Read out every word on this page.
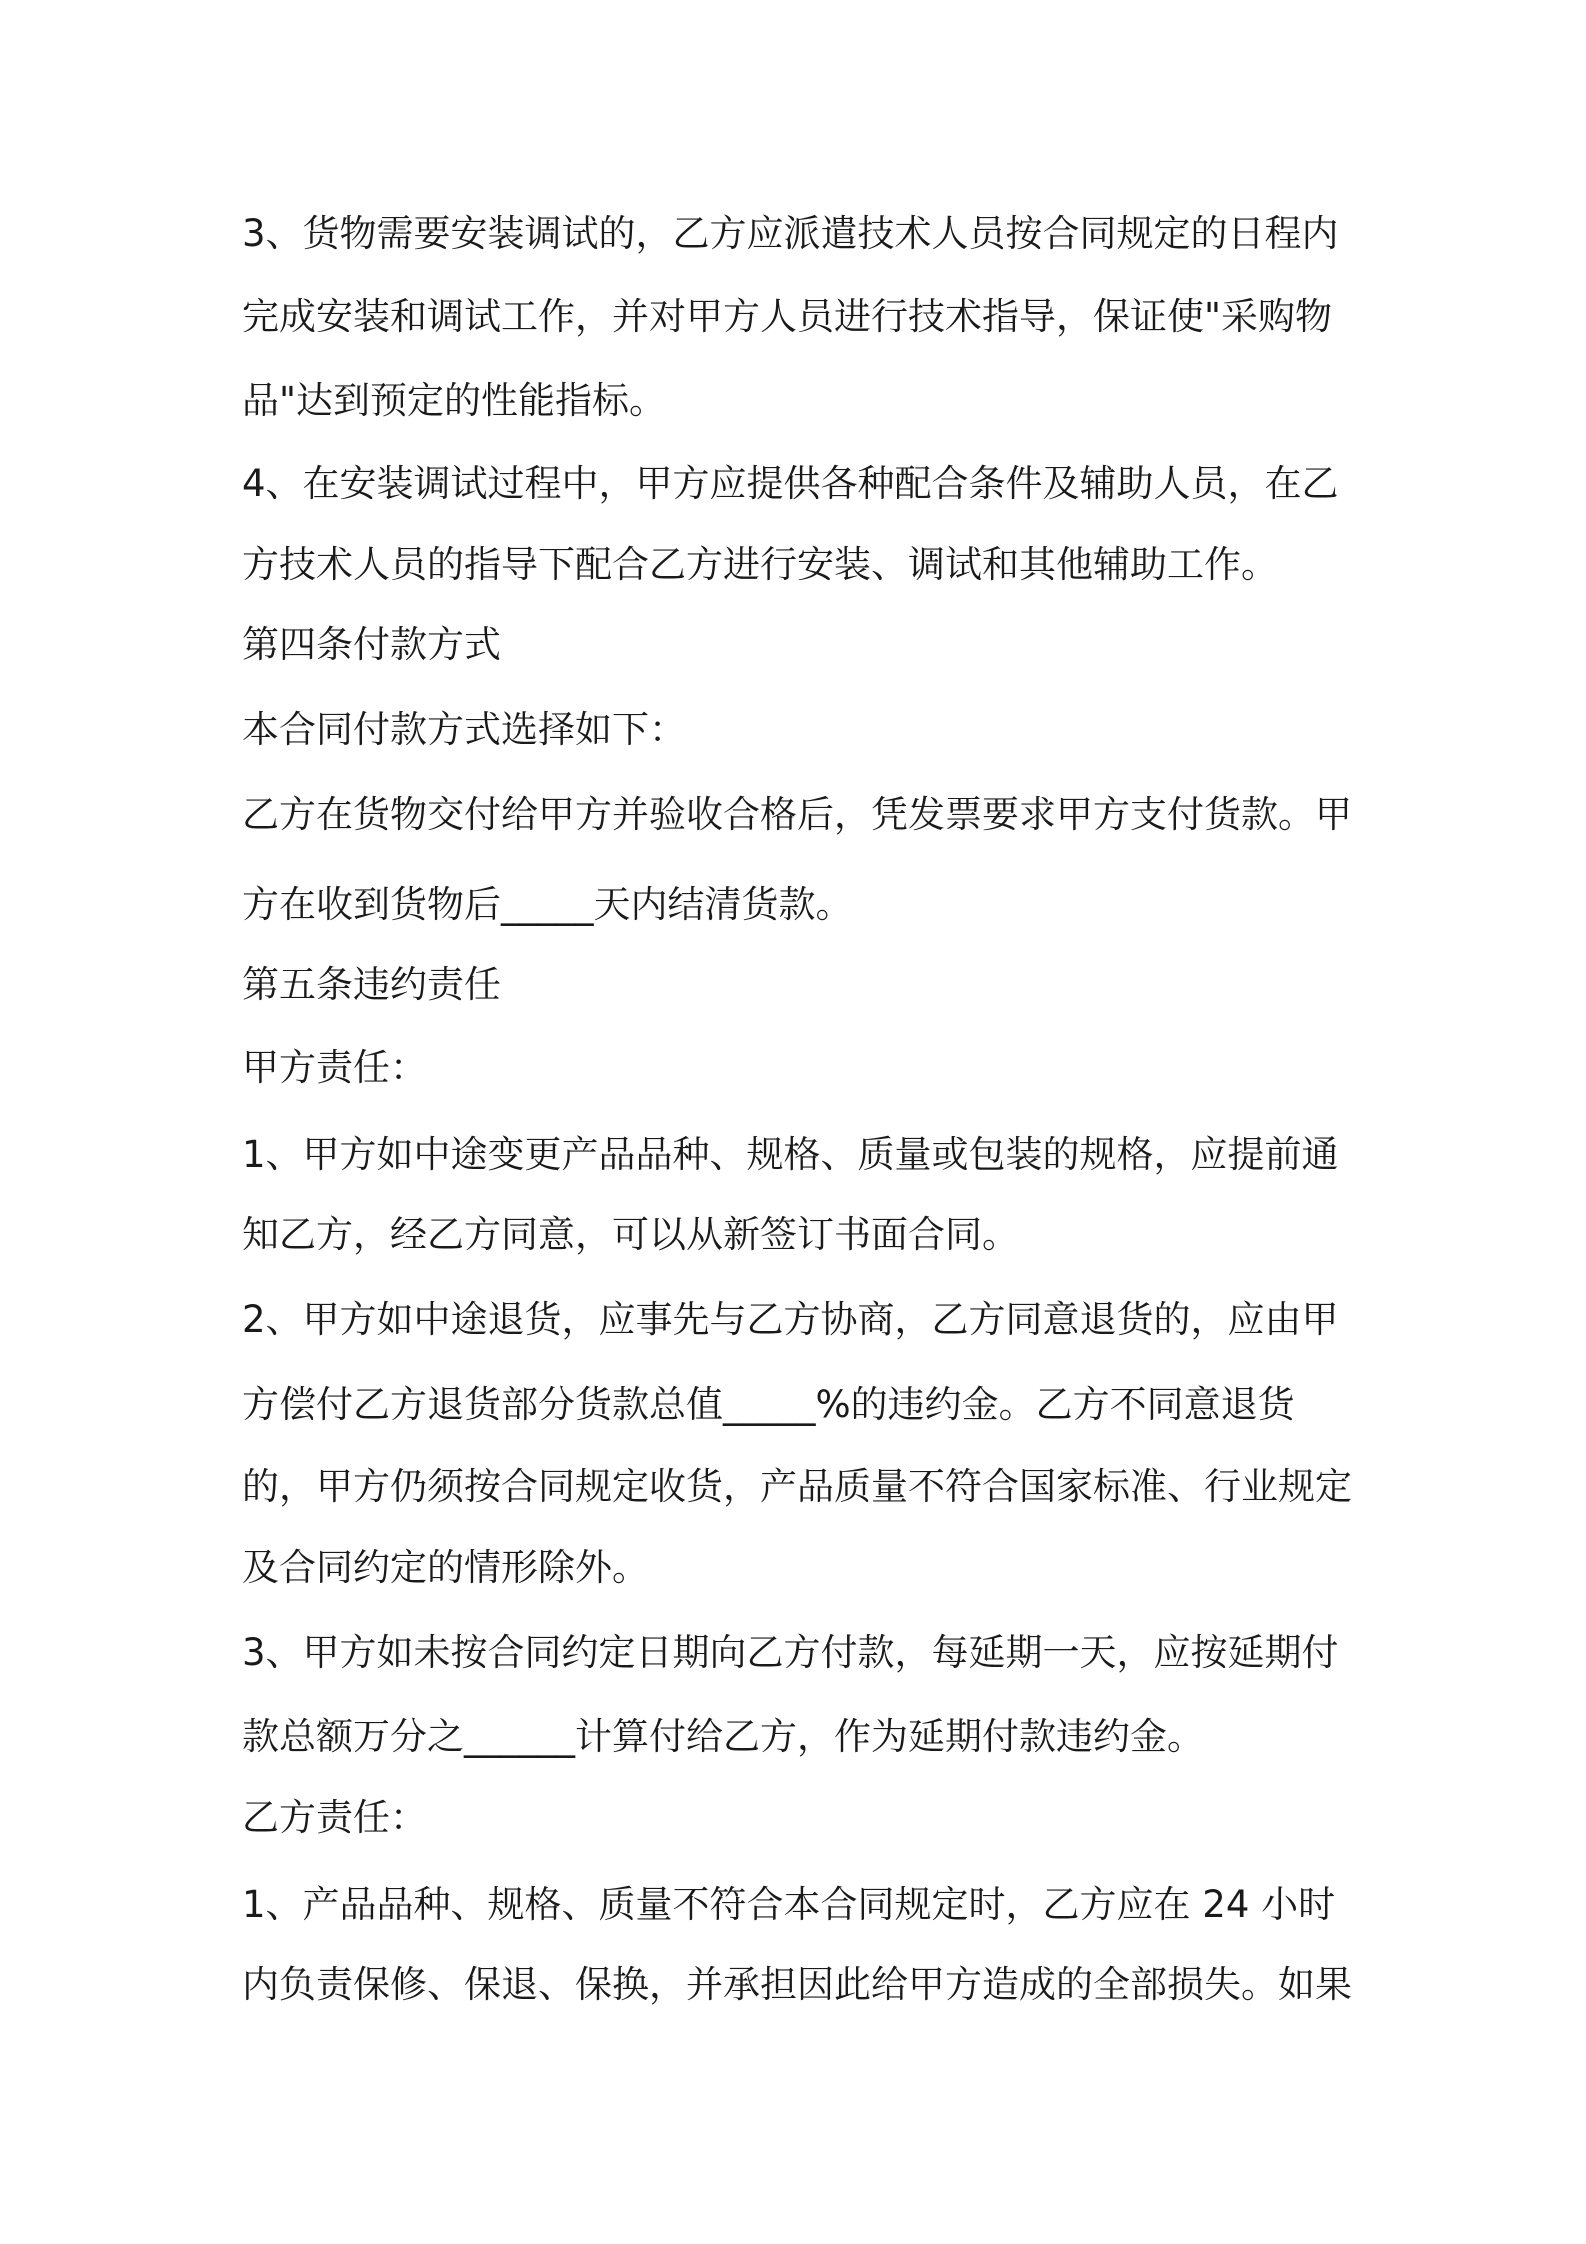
3、货物需要安装调试的，乙方应派遣技术人员按合同规定的日程内
完成安装和调试工作，并对甲方人员进行技术指导，保证使"采购物
品"达到预定的性能指标。
4、在安装调试过程中，甲方应提供各种配合条件及辅助人员，在乙
方技术人员的指导下配合乙方进行安装、调试和其他辅助工作。
第四条付款方式
本合同付款方式选择如下：
乙方在货物交付给甲方并验收合格后，凭发票要求甲方支付货款。甲
方在收到货物后_____天内结清货款。
第五条违约责任
甲方责任：
1、甲方如中途变更产品品种、规格、质量或包装的规格，应提前通
知乙方，经乙方同意，可以从新签订书面合同。
2、甲方如中途退货，应事先与乙方协商，乙方同意退货的，应由甲
方偿付乙方退货部分货款总值_____%的违约金。乙方不同意退货
的，甲方仍须按合同规定收货，产品质量不符合国家标准、行业规定
及合同约定的情形除外。
3、甲方如未按合同约定日期向乙方付款，每延期一天，应按延期付
款总额万分之______计算付给乙方，作为延期付款违约金。
乙方责任：
1、产品品种、规格、质量不符合本合同规定时，乙方应在 24 小时
内负责保修、保退、保换，并承担因此给甲方造成的全部损失。如果
